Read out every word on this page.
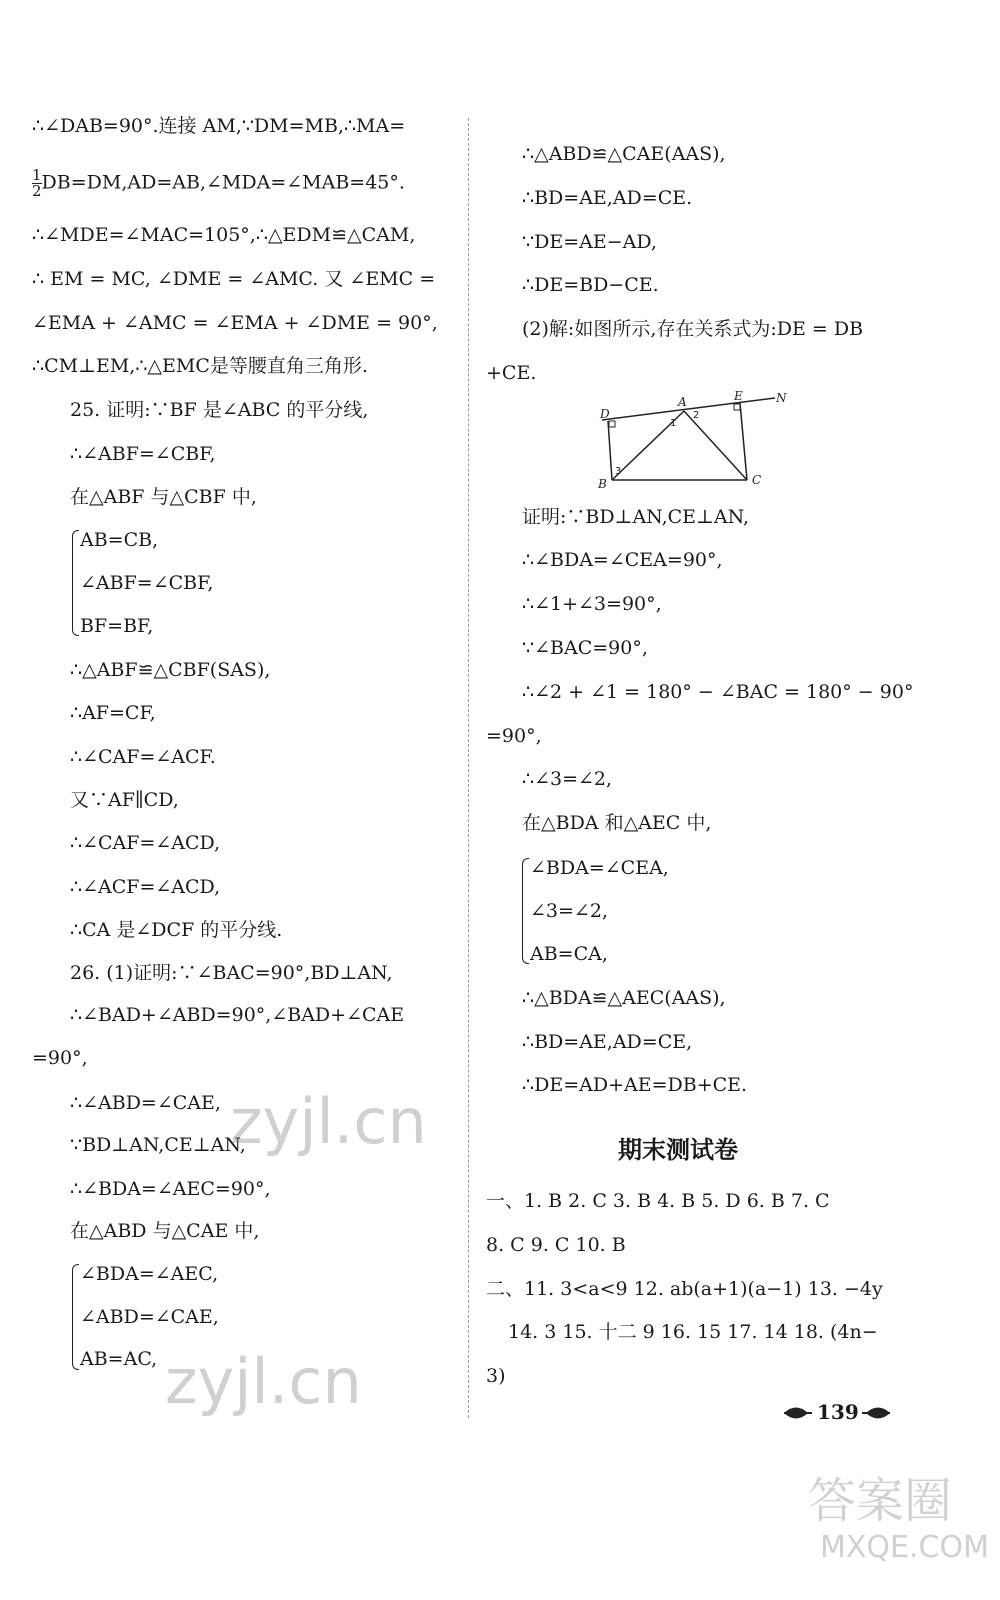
∴∠DAB=90°.连接 AM,∵DM=MB,∴MA=
$\frac{1}{2}$ DB=DM,AD=AB,∠MDA=∠MAB=45°.
∴∠MDE=∠MAC=105°,∴△EDM≌△CAM,
∴ EM = MC, ∠DME = ∠AMC. 又 ∠EMC =
∠EMA + ∠AMC = ∠EMA + ∠DME = 90°,
∴CM⊥EM,∴△EMC是等腰直角三角形.
25. 证明:∵BF 是∠ABC 的平分线,
∴∠ABF=∠CBF,
在△ABF 与△CBF 中,
AB=CB,
∠ABF=∠CBF,
BF=BF,
∴△ABF≌△CBF(SAS),
∴AF=CF,
∴∠CAF=∠ACF.
又∵AF∥CD,
∴∠CAF=∠ACD,
∴∠ACF=∠ACD,
∴CA 是∠DCF 的平分线.
26. (1)证明:∵∠BAC=90°,BD⊥AN,
∴∠BAD+∠ABD=90°,∠BAD+∠CAE
=90°,
∴∠ABD=∠CAE,
∵BD⊥AN,CE⊥AN,
∴∠BDA=∠AEC=90°,
在△ABD 与△CAE 中,
∠BDA=∠AEC,
∠ABD=∠CAE,
AB=AC,
∴△ABD≌△CAE(AAS),
∴BD=AE,AD=CE.
∵DE=AE−AD,
∴DE=BD−CE.
(2)解:如图所示,存在关系式为:DE = DB
+CE.
D
A	E	N
B	C
1
2
3
证明:∵BD⊥AN,CE⊥AN,
∴∠BDA=∠CEA=90°,
∴∠1+∠3=90°,
∵∠BAC=90°,
∴∠2 + ∠1 = 180° − ∠BAC = 180° − 90°
=90°,
∴∠3=∠2,
在△BDA 和△AEC 中,
∠BDA=∠CEA,
∠3=∠2,
AB=CA,
∴△BDA≌△AEC(AAS),
∴BD=AE,AD=CE,
∴DE=AD+AE=DB+CE.
期末测试卷
一、1. B 2. C 3. B 4. B 5. D 6. B 7. C
8. C 9. C 10. B
二、11. 3<a<9 12. ab(a+1)(a−1) 13. −4y
14. 3 15. 十二 9 16. 15 17. 14 18. (4n−
3)
139
zyjl.cn
zyjl.cn
答案圈
MXQE.COM
